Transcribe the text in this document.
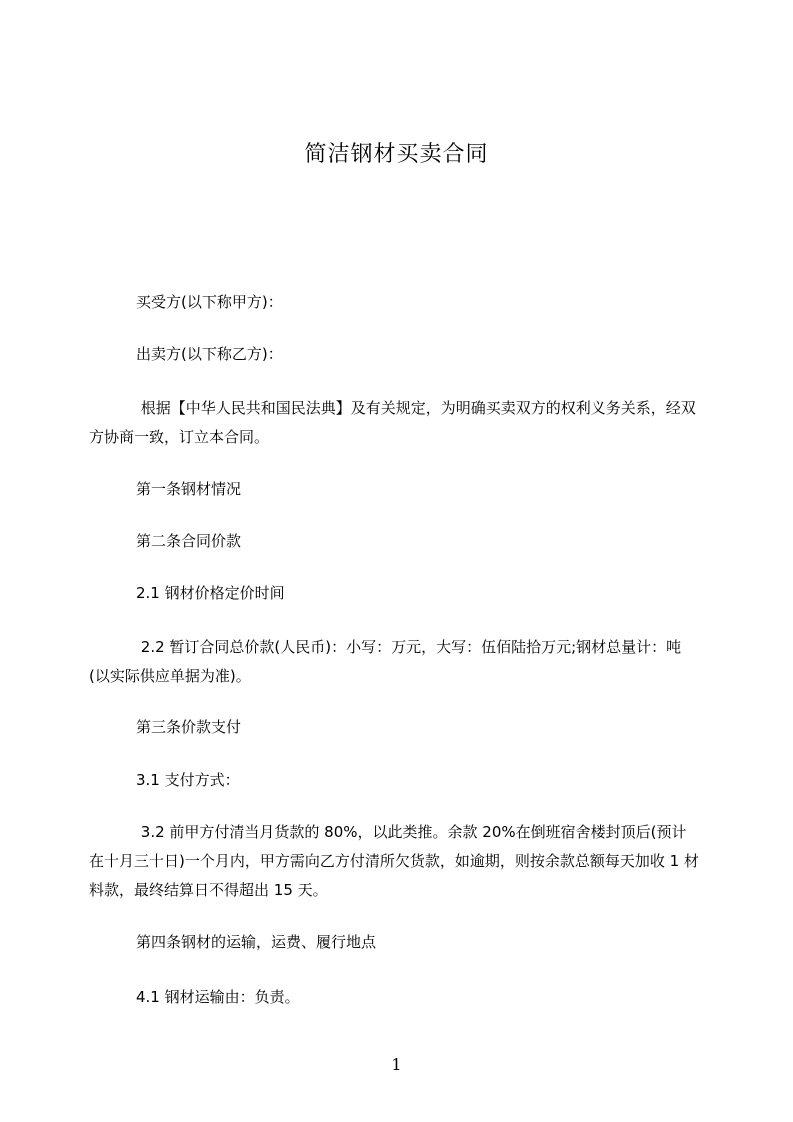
简洁钢材买卖合同
买受方(以下称甲方)：
出卖方(以下称乙方)：
根据【中华人民共和国民法典】及有关规定，为明确买卖双方的权利义务关系，经双方协商一致，订立本合同。
第一条钢材情况
第二条合同价款
2.1 钢材价格定价时间
2.2 暂订合同总价款(人民币)：小写：万元，大写：伍佰陆拾万元;钢材总量计：吨(以实际供应单据为准)。
第三条价款支付
3.1 支付方式：
3.2 前甲方付清当月货款的 80%，以此类推。余款 20%在倒班宿舍楼封顶后(预计 在十月三十日)一个月内，甲方需向乙方付清所欠货款，如逾期，则按余款总额每天加收 1 材料款，最终结算日不得超出 15 天。
第四条钢材的运输，运费、履行地点
4.1 钢材运输由：负责。
1
